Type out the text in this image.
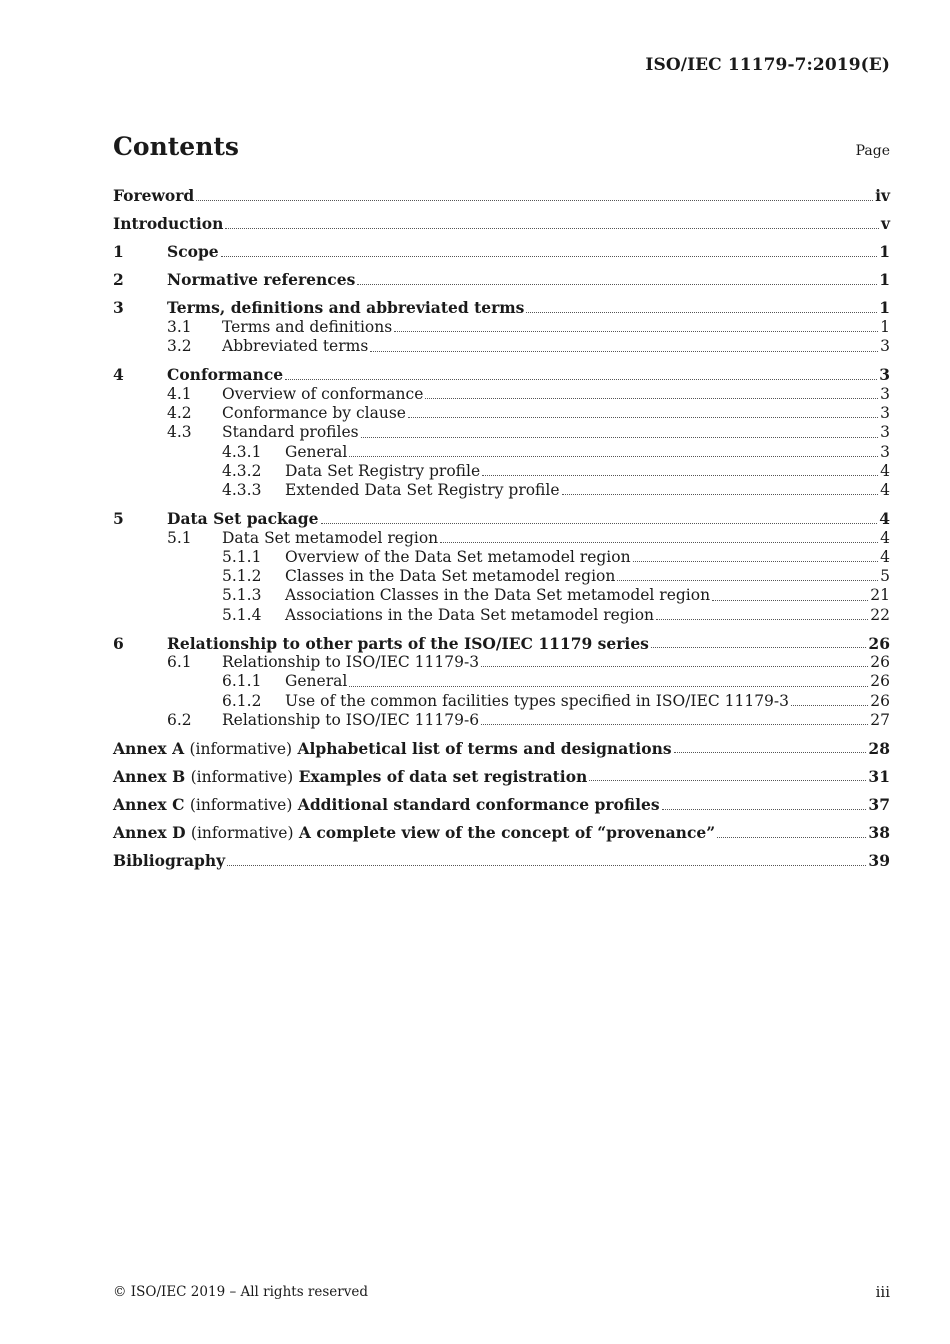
ISO/IEC 11179-7:2019(E)
Contents	Page
Foreword	iv
Introduction	v
1	Scope	1
2	Normative references	1
3	Terms, definitions and abbreviated terms	1
3.1	Terms and definitions	1
3.2	Abbreviated terms	3
4	Conformance	3
4.1	Overview of conformance	3
4.2	Conformance by clause	3
4.3	Standard profiles	3
4.3.1	General	3
4.3.2	Data Set Registry profile	4
4.3.3	Extended Data Set Registry profile	4
5	Data Set package	4
5.1	Data Set metamodel region	4
5.1.1	Overview of the Data Set metamodel region	4
5.1.2	Classes in the Data Set metamodel region	5
5.1.3	Association Classes in the Data Set metamodel region	21
5.1.4	Associations in the Data Set metamodel region	22
6	Relationship to other parts of the ISO/IEC 11179 series	26
6.1	Relationship to ISO/IEC 11179-3	26
6.1.1	General	26
6.1.2	Use of the common facilities types specified in ISO/IEC 11179-3	26
6.2	Relationship to ISO/IEC 11179-6	27
Annex A (informative) Alphabetical list of terms and designations	28
Annex B (informative) Examples of data set registration	31
Annex C (informative) Additional standard conformance profiles	37
Annex D (informative) A complete view of the concept of “provenance”	38
Bibliography	39
© ISO/IEC 2019 – All rights reserved	iii
